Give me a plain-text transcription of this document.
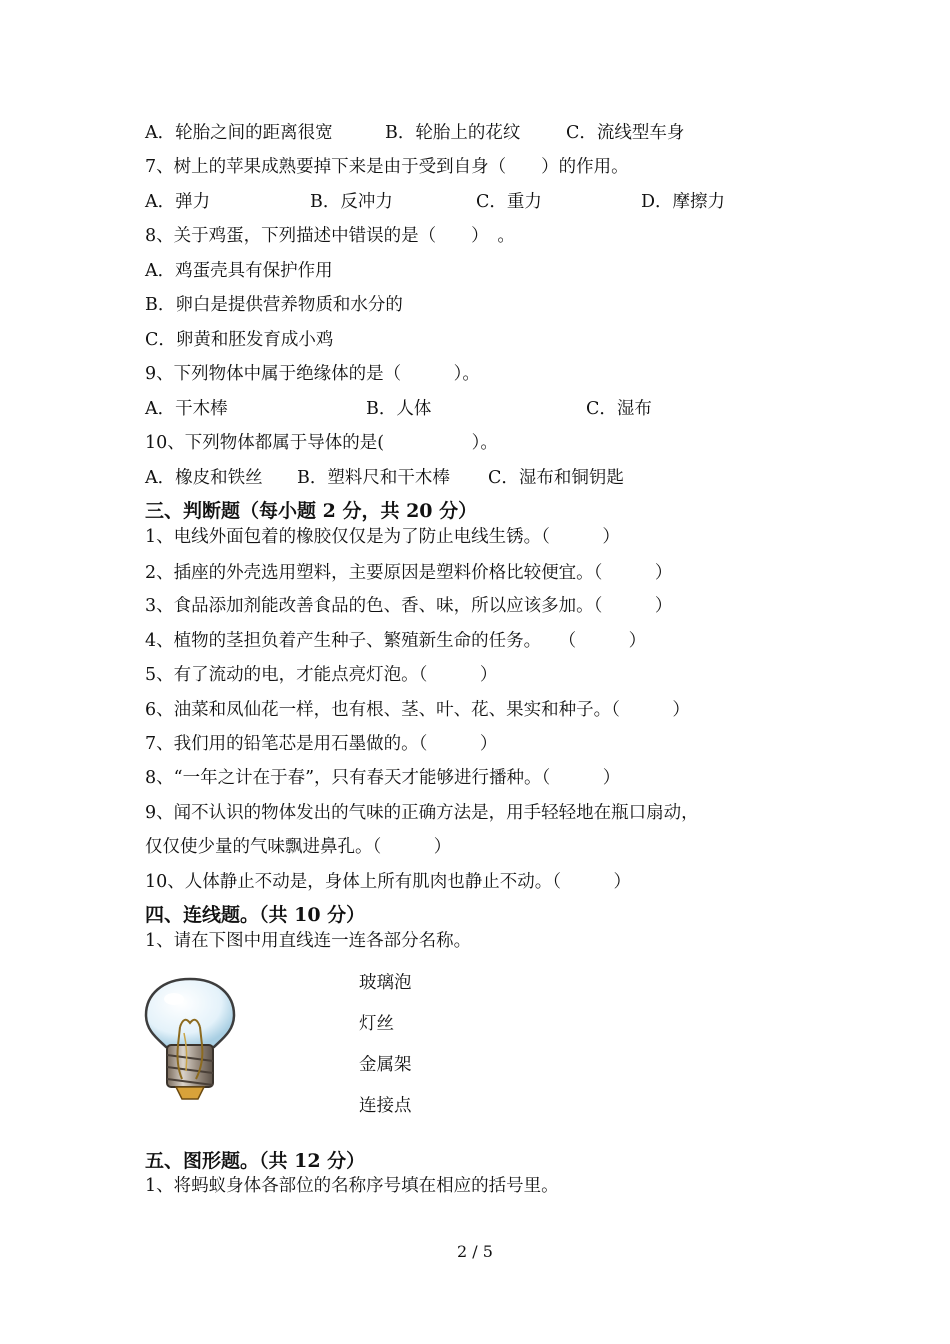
A．轮胎之间的距离很宽	B．轮胎上的花纹	C．流线型车身
7、树上的苹果成熟要掉下来是由于受到自身（　　）的作用。
A．弹力	B．反冲力	C．重力	D．摩擦力
8、关于鸡蛋，下列描述中错误的是（　　）　。
A．鸡蛋壳具有保护作用
B．卵白是提供营养物质和水分的
C．卵黄和胚发育成小鸡
9、下列物体中属于绝缘体的是（　　　）。
A．干木棒	B．人体	C．湿布
10、下列物体都属于导体的是(　　　　　）。
A．橡皮和铁丝 B．塑料尺和干木棒 C．湿布和铜钥匙
三、判断题（每小题 2 分，共 20 分）
1、电线外面包着的橡胶仅仅是为了防止电线生锈。（　　　）
2、插座的外壳选用塑料，主要原因是塑料价格比较便宜。（　　　）
3、食品添加剂能改善食品的色、香、味，所以应该多加。（　　　）
4、植物的茎担负着产生种子、繁殖新生命的任务。　　（　　　）
5、有了流动的电，才能点亮灯泡。（　　　）
6、油菜和凤仙花一样，也有根、茎、叶、花、果实和种子。（　　　）
7、我们用的铅笔芯是用石墨做的。（　　　）
8、“一年之计在于春”，只有春天才能够进行播种。（　　　）
9、闻不认识的物体发出的气味的正确方法是，用手轻轻地在瓶口扇动，
仅仅使少量的气味飘进鼻孔。（　　　）
10、人体静止不动是，身体上所有肌肉也静止不动。（　　　）
四、连线题。（共 10 分）
1、请在下图中用直线连一连各部分名称。
玻璃泡
灯丝
金属架
连接点
五、图形题。（共 12 分）
1、将蚂蚁身体各部位的名称序号填在相应的括号里。
2 / 5
